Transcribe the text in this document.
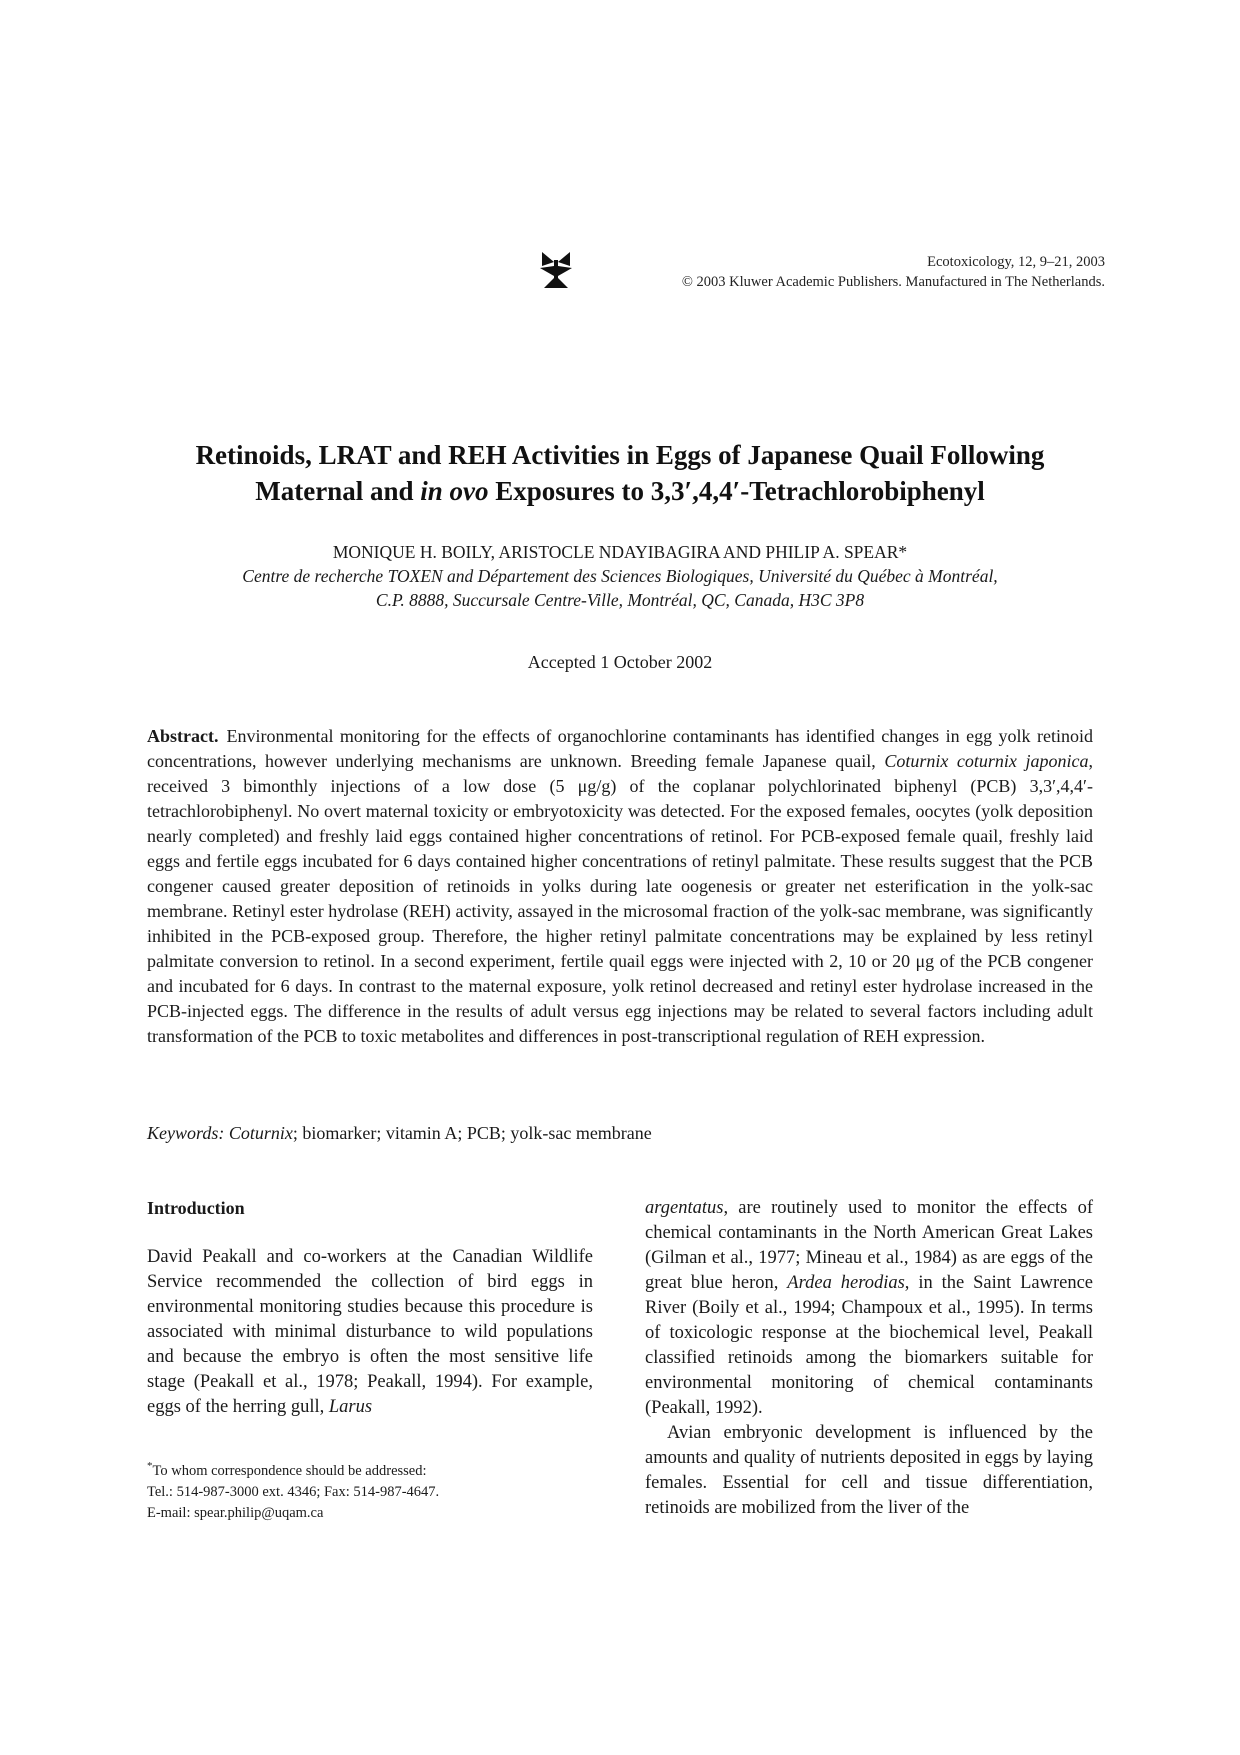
Ecotoxicology, 12, 9–21, 2003
© 2003 Kluwer Academic Publishers. Manufactured in The Netherlands.
Retinoids, LRAT and REH Activities in Eggs of Japanese Quail Following
Maternal and in ovo Exposures to 3,3′,4,4′-Tetrachlorobiphenyl
MONIQUE H. BOILY, ARISTOCLE NDAYIBAGIRA AND PHILIP A. SPEAR*
Centre de recherche TOXEN and Département des Sciences Biologiques, Université du Québec à Montréal,
C.P. 8888, Succursale Centre-Ville, Montréal, QC, Canada, H3C 3P8
Accepted 1 October 2002
Abstract. Environmental monitoring for the effects of organochlorine contaminants has identified changes in egg yolk retinoid concentrations, however underlying mechanisms are unknown. Breeding female Japanese quail, Coturnix coturnix japonica, received 3 bimonthly injections of a low dose (5 μg/g) of the coplanar polychlorinated biphenyl (PCB) 3,3′,4,4′-tetrachlorobiphenyl. No overt maternal toxicity or embryotoxicity was detected. For the exposed females, oocytes (yolk deposition nearly completed) and freshly laid eggs contained higher concentrations of retinol. For PCB-exposed female quail, freshly laid eggs and fertile eggs incubated for 6 days contained higher concentrations of retinyl palmitate. These results suggest that the PCB congener caused greater deposition of retinoids in yolks during late oogenesis or greater net esterification in the yolk-sac membrane. Retinyl ester hydrolase (REH) activity, assayed in the microsomal fraction of the yolk-sac membrane, was significantly inhibited in the PCB-exposed group. Therefore, the higher retinyl palmitate concentrations may be explained by less retinyl palmitate conversion to retinol. In a second experiment, fertile quail eggs were injected with 2, 10 or 20 μg of the PCB congener and incubated for 6 days. In contrast to the maternal exposure, yolk retinol decreased and retinyl ester hydrolase increased in the PCB-injected eggs. The difference in the results of adult versus egg injections may be related to several factors including adult transformation of the PCB to toxic metabolites and differences in post-transcriptional regulation of REH expression.
Keywords: Coturnix; biomarker; vitamin A; PCB; yolk-sac membrane

Introduction

David Peakall and co-workers at the Canadian Wildlife Service recommended the collection of bird eggs in environmental monitoring studies because this procedure is associated with minimal disturbance to wild populations and because the embryo is often the most sensitive life stage (Peakall et al., 1978; Peakall, 1994). For example, eggs of the herring gull, Larus

argentatus, are routinely used to monitor the effects of chemical contaminants in the North American Great Lakes (Gilman et al., 1977; Mineau et al., 1984) as are eggs of the great blue heron, Ardea herodias, in the Saint Lawrence River (Boily et al., 1994; Champoux et al., 1995). In terms of toxicologic response at the biochemical level, Peakall classified retinoids among the biomarkers suitable for environmental monitoring of chemical contaminants (Peakall, 1992).

Avian embryonic development is influenced by the amounts and quality of nutrients deposited in eggs by laying females. Essential for cell and tissue differentiation, retinoids are mobilized from the liver of the

*To whom correspondence should be addressed:
Tel.: 514-987-3000 ext. 4346; Fax: 514-987-4647.
E-mail: spear.philip@uqam.ca
